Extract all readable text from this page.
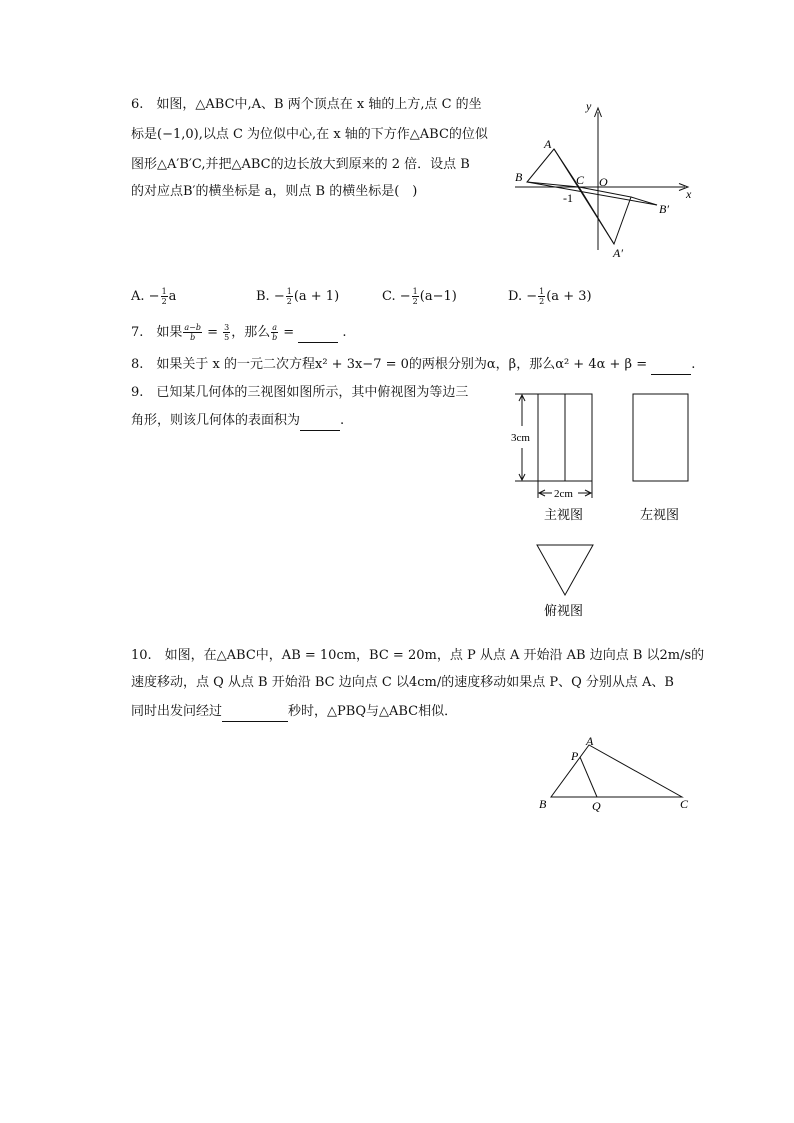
6.　如图，△ABC中,A、B 两个顶点在 x 轴的上方,点 C 的坐
标是(−1,0),以点 C 为位似中心,在 x 轴的下方作△ABC的位似
图形△A′B′C,并把△ABC的边长放大到原来的 2 倍．设点 B
的对应点B′的横坐标是 a，则点 B 的横坐标是(　)
y
x
A
B	C O
-1
B′
A′
A. − $\frac{1}{2}$ a	B. − $\frac{1}{2} (a + 1)$	C. − $\frac{1}{2} (a-1)$	D. − $\frac{1}{2} (a + 3)$
7.　如果 $\frac{a-b}{b} = \frac{3}{5}$ ，那么 $\frac{a}{b}$ =	.
8.　如果关于 x 的一元二次方程x² + 3x−7 = 0的两根分别为α，β，那么α² + 4α + β =	.
9.　已知某几何体的三视图如图所示，其中俯视图为等边三
角形，则该几何体的表面积为	.
3cm
2cm
主视图	左视图
俯视图
10.　如图，在△ABC中，AB = 10cm，BC = 20m，点 P 从点 A 开始沿 AB 边向点 B 以2m/s的
速度移动，点 Q 从点 B 开始沿 BC 边向点 C 以4cm/的速度移动如果点 P、Q 分别从点 A、B
同时出发问经过	秒时，△PBQ与△ABC相似．
A
P
B	Q	C
